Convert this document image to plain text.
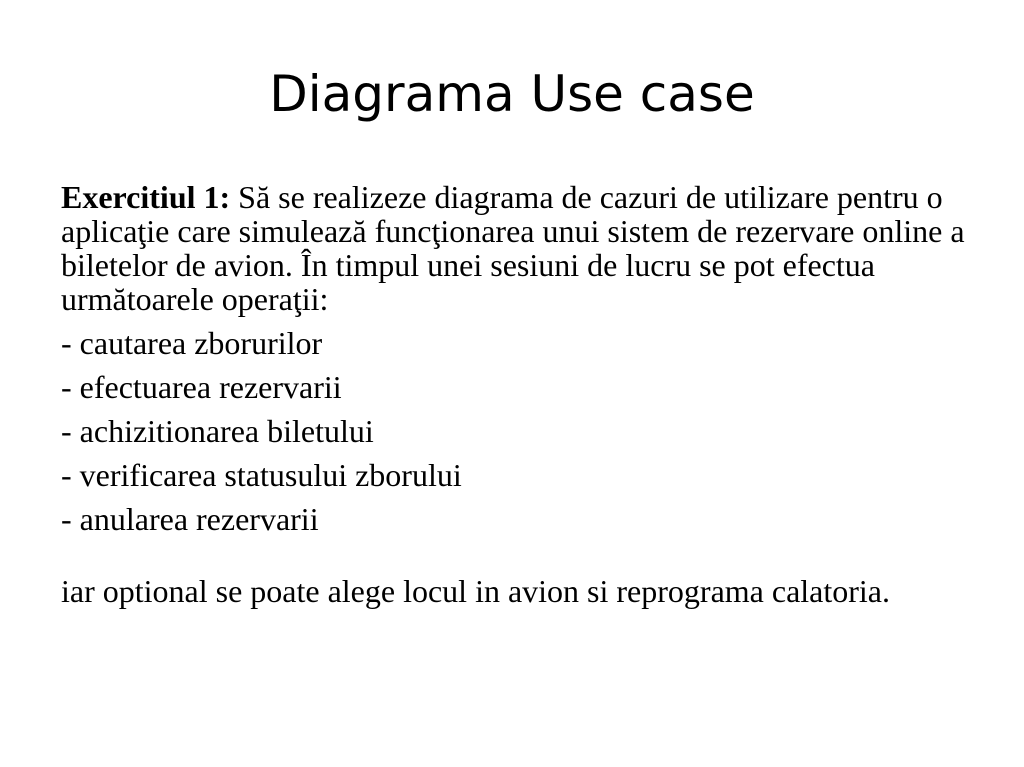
Diagrama Use case

Exercitiul 1: Să se realizeze diagrama de cazuri de utilizare pentru o aplicaţie care simulează funcţionarea unui sistem de rezervare online a biletelor de avion. În timpul unei sesiuni de lucru se pot efectua următoarele operaţii:

- cautarea zborurilor
- efectuarea rezervarii
- achizitionarea biletului
- verificarea statusului zborului
- anularea rezervarii

iar optional se poate alege locul in avion si reprograma calatoria.
